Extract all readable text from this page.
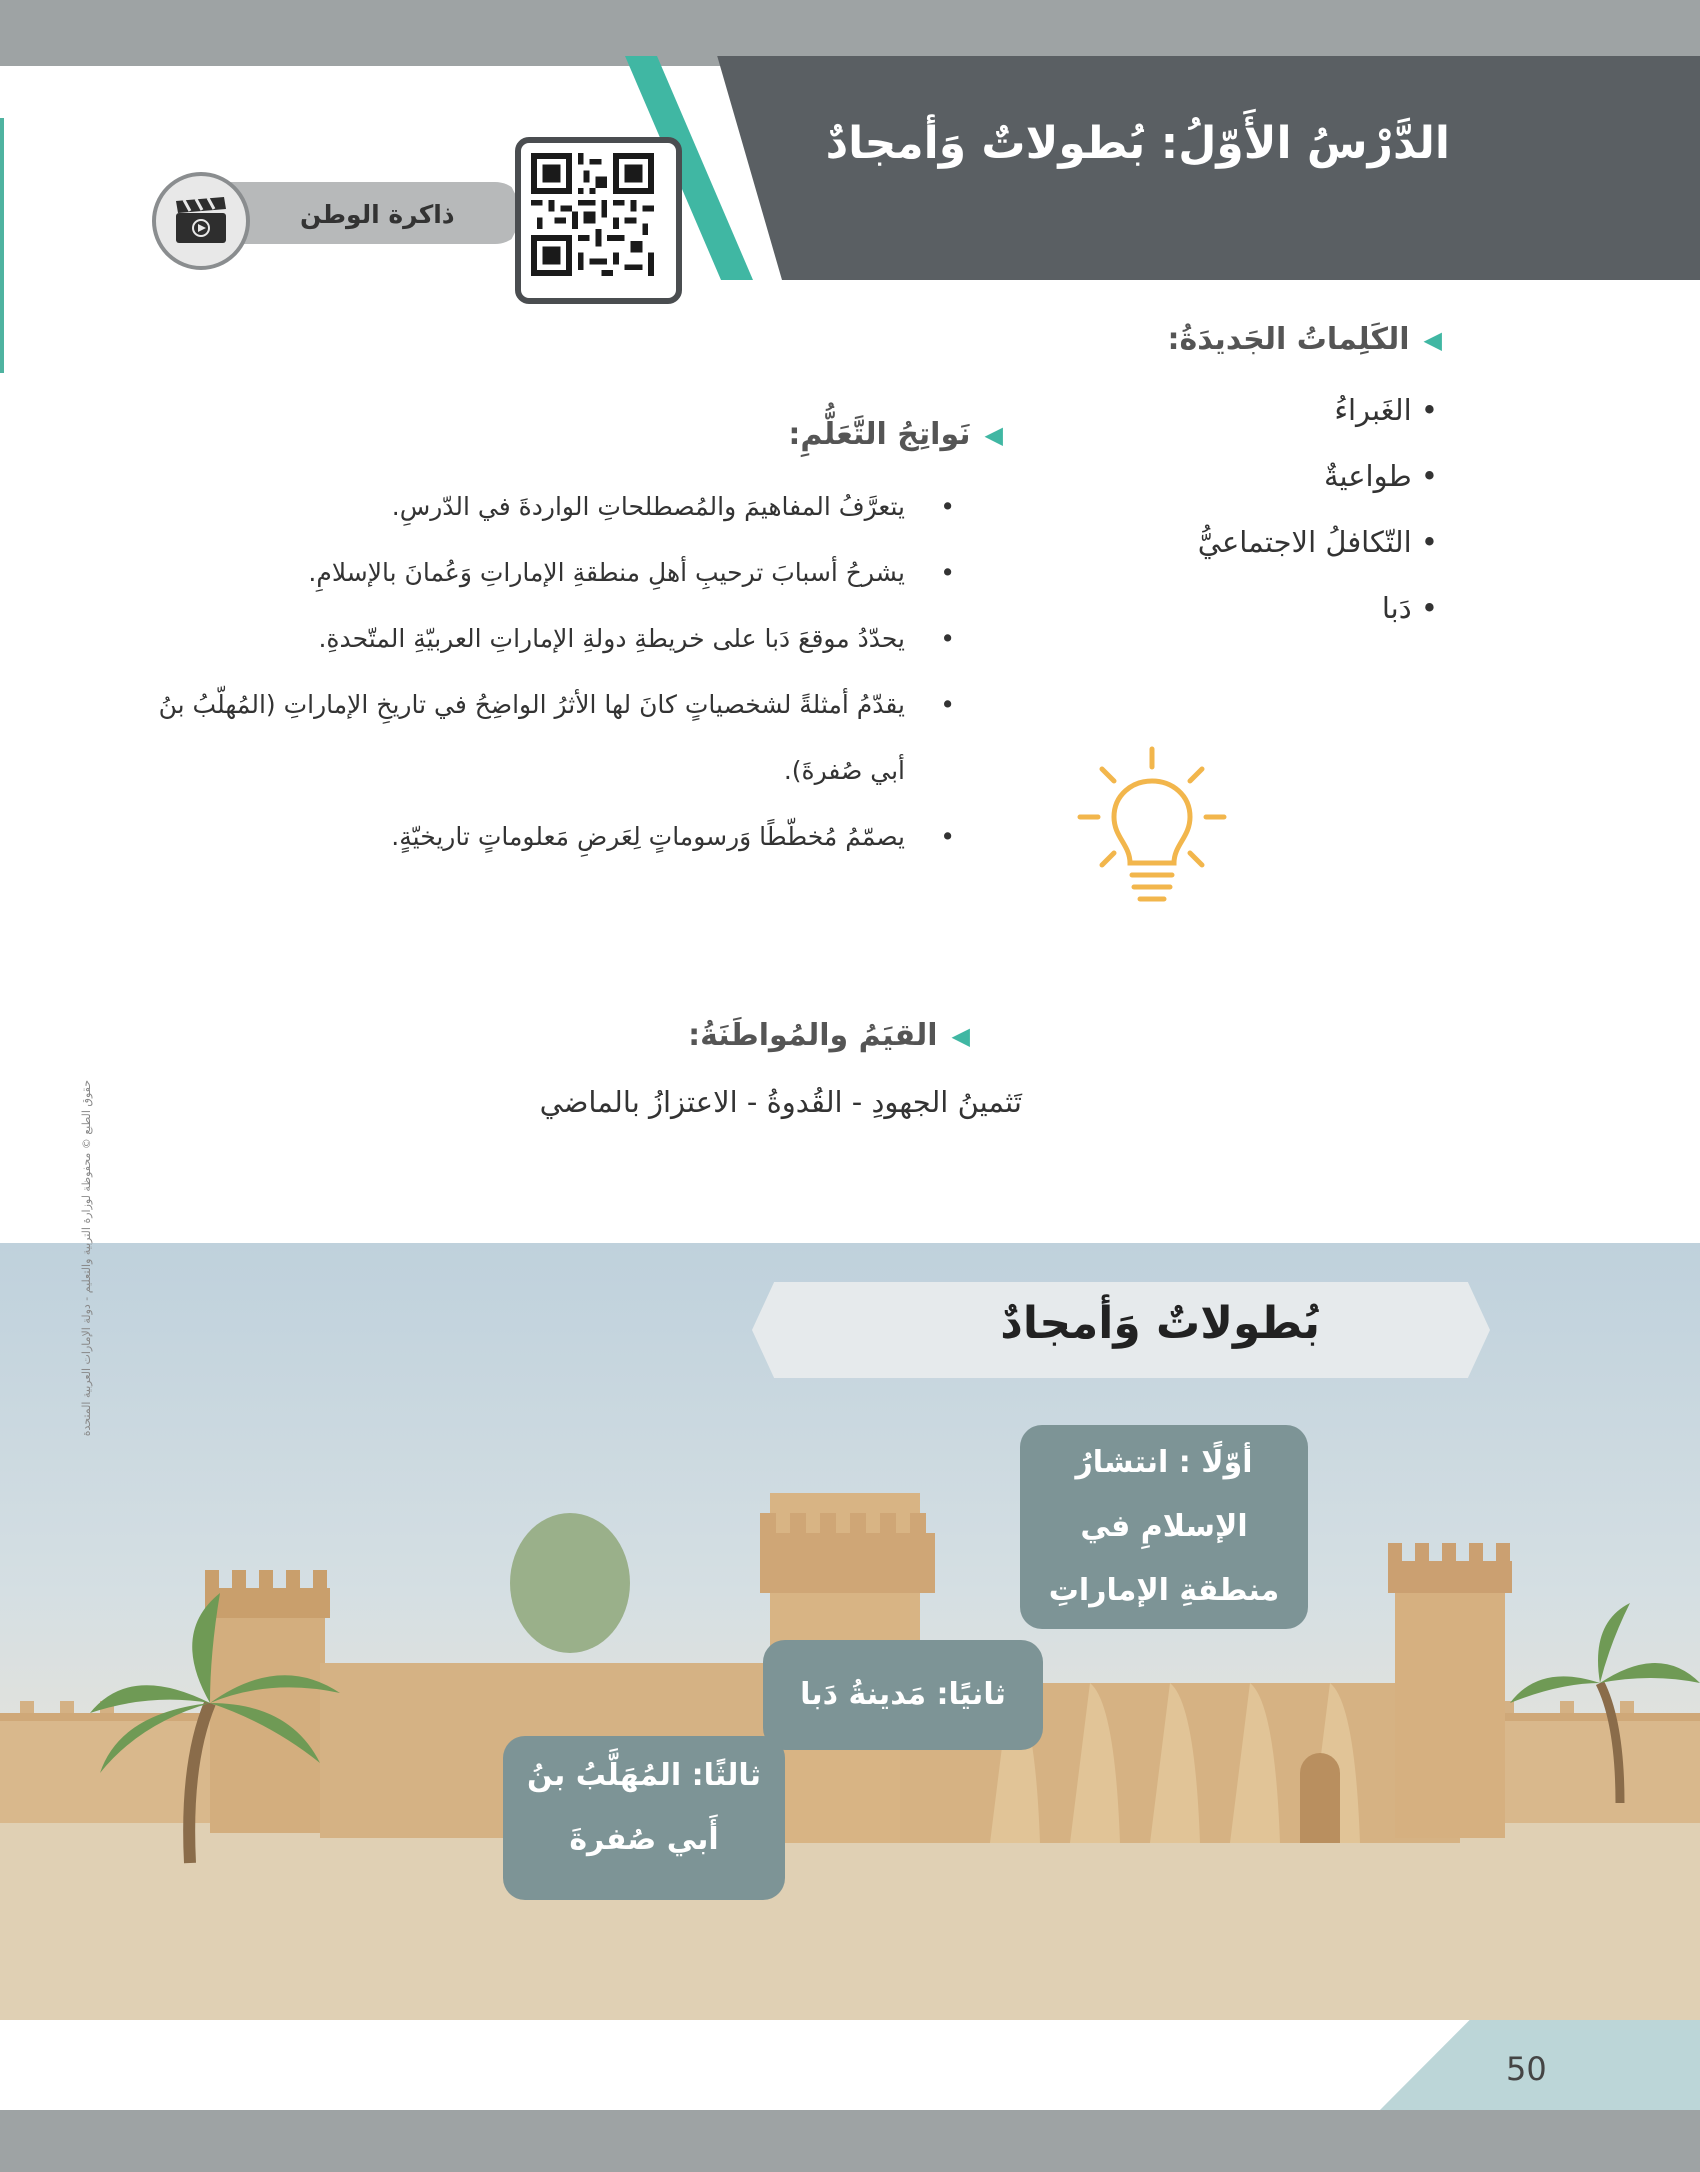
الدَّرْسُ الأَوّلُ: بُطولاتٌ وَأمجادٌ
ذاكرة الوطن
◀
الكَلِماتُ الجَديدَةُ:
• الغَبراءُ
• طواعيةٌ
• التّكافلُ الاجتماعيُّ
• دَبا
◀
نَواتِجُ التَّعَلُّمِ:
• يتعرَّفُ المفاهيمَ والمُصطلحاتِ الواردةَ في الدّرسِ.
• يشرحُ أسبابَ ترحيبِ أهلِ منطقةِ الإماراتِ وَعُمانَ بالإسلامِ.
• يحدّدُ موقعَ دَبا على خريطةِ دولةِ الإماراتِ العربيّةِ المتّحدةِ.
• يقدّمُ أمثلةً لشخصياتٍ كانَ لها الأثرُ الواضِحُ في تاريخِ الإماراتِ (المُهلّبُ بنُ أبي صُفرةَ).
• يصمّمُ مُخطّطًا وَرسوماتٍ لِعَرضِ مَعلوماتٍ تاريخيّةٍ.
◀
القيَمُ والمُواطَنَةُ:
تَثمينُ الجهودِ - القُدوةُ - الاعتزازُ بالماضي
بُطولاتٌ وَأمجادٌ
أوّلًا : انتشارُ الإسلامِ في منطقةِ الإماراتِ
ثانيًا: مَدينةُ دَبا
ثالثًا: المُهَلَّبُ بنُ أَبي صُفرةَ
حقوق الطبع © محفوظة لوزارة التربية والتعليم - دولة الإمارات العربية المتحدة
50
